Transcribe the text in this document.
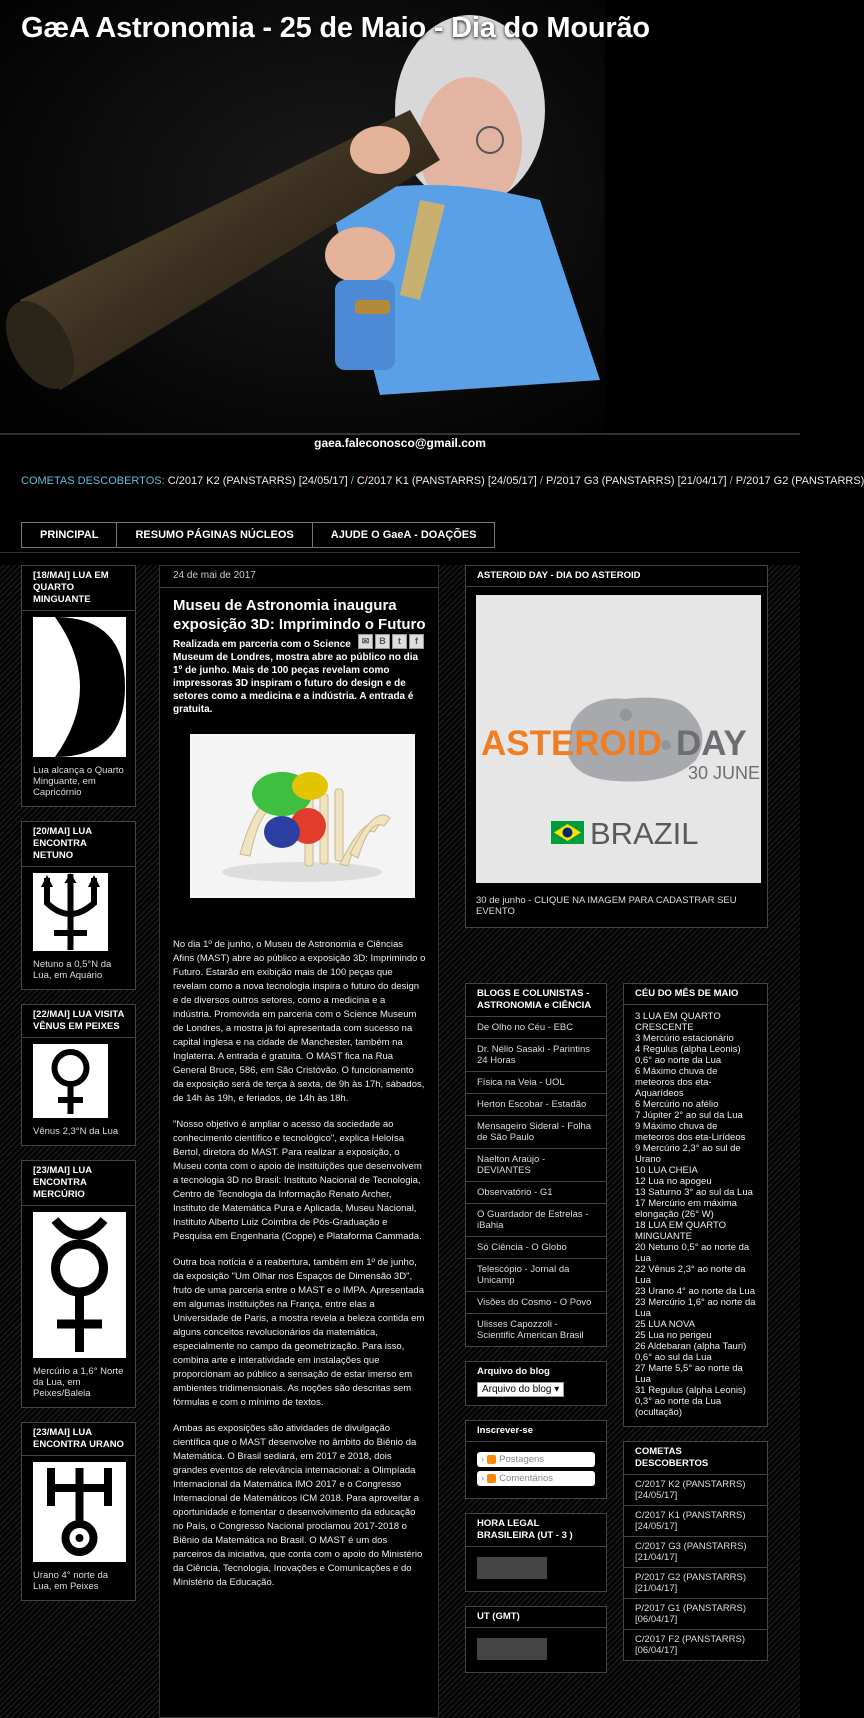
GæA Astronomia - 25 de Maio - Dia do Mourão
gaea.faleconosco@gmail.com
COMETAS DESCOBERTOS: C/2017 K2 (PANSTARRS) [24/05/17] / C/2017 K1 (PANSTARRS) [24/05/17] / P/2017 G3 (PANSTARRS) [21/04/17] / P/2017 G2 (PANSTARRS)
PRINCIPAL	RESUMO PÁGINAS NÚCLEOS	AJUDE O GaeA - DOAÇÕES
[18/MAI] LUA EM QUARTO MINGUANTE
Lua alcança o Quarto Minguante, em Capricórnio
[20/MAI] LUA ENCONTRA NETUNO
Netuno a 0,5°N da Lua, em Aquário
[22/MAI] LUA VISITA VÊNUS EM PEIXES
Vênus 2,3°N da Lua
[23/MAI] LUA ENCONTRA MERCÚRIO
Mercúrio a 1,6° Norte da Lua, em Peixes/Baleia
[23/MAI] LUA ENCONTRA URANO
Urano 4° norte da Lua, em Peixes
24 de mai de 2017
Museu de Astronomia inaugura exposição 3D: Imprimindo o Futuro
✉	B	t	f
Realizada em parceria com o Science Museum de Londres, mostra abre ao público no dia 1º de junho. Mais de 100 peças revelam como impressoras 3D inspiram o futuro do design e de setores como a medicina e a indústria. A entrada é gratuita.
No dia 1º de junho, o Museu de Astronomia e Ciências Afins (MAST) abre ao público a exposição 3D: Imprimindo o Futuro. Estarão em exibição mais de 100 peças que revelam como a nova tecnologia inspira o futuro do design e de diversos outros setores, como a medicina e a indústria. Promovida em parceria com o Science Museum de Londres, a mostra já foi apresentada com sucesso na capital inglesa e na cidade de Manchester, também na Inglaterra. A entrada é gratuita. O MAST fica na Rua General Bruce, 586, em São Cristóvão. O funcionamento da exposição será de terça à sexta, de 9h às 17h, sábados, de 14h às 19h, e feriados, de 14h às 18h.
"Nosso objetivo é ampliar o acesso da sociedade ao conhecimento científico e tecnológico", explica Heloísa Bertol, diretora do MAST. Para realizar a exposição, o Museu conta com o apoio de instituições que desenvolvem a tecnologia 3D no Brasil: Instituto Nacional de Tecnologia, Centro de Tecnologia da Informação Renato Archer, Instituto de Matemática Pura e Aplicada, Museu Nacional, Instituto Alberto Luiz Coimbra de Pós-Graduação e Pesquisa em Engenharia (Coppe) e Plataforma Cammada.
Outra boa notícia é a reabertura, também em 1º de junho, da exposição "Um Olhar nos Espaços de Dimensão 3D", fruto de uma parceria entre o MAST e o IMPA. Apresentada em algumas instituições na França, entre elas a Universidade de Paris, a mostra revela a beleza contida em alguns conceitos revolucionários da matemática, especialmente no campo da geometrização. Para isso, combina arte e interatividade em instalações que proporcionam ao público a sensação de estar imerso em ambientes tridimensionais. As noções são descritas sem fórmulas e com o mínimo de textos.
Ambas as exposições são atividades de divulgação científica que o MAST desenvolve no âmbito do Biênio da Matemática. O Brasil sediará, em 2017 e 2018, dois grandes eventos de relevância internacional: a Olimpíada Internacional da Matemática IMO 2017 e o Congresso Internacional de Matemáticos ICM 2018. Para aproveitar a oportunidade e fomentar o desenvolvimento da educação no País, o Congresso Nacional proclamou 2017-2018 o Biênio da Matemática no Brasil. O MAST é um dos parceiros da iniciativa, que conta com o apoio do Ministério da Ciência, Tecnologia, Inovações e Comunicações e do Ministério da Educação.
ASTEROID DAY - DIA DO ASTEROID
ASTEROID DAY
30 JUNE
BRAZIL
30 de junho - CLIQUE NA IMAGEM PARA CADASTRAR SEU EVENTO
BLOGS E COLUNISTAS - ASTRONOMIA e CIÊNCIA
De Olho no Céu - EBC
Dr. Nélio Sasaki - Parintins 24 Horas
Física na Veia - UOL
Herton Escobar - Estadão
Mensageiro Sideral - Folha de São Paulo
Naelton Araújo - DEVIANTES
Observatório - G1
O Guardador de Estrelas - iBahia
Só Ciência - O Globo
Telescópio - Jornal da Unicamp
Visões do Cosmo - O Povo
Ulisses Capozzoli - Scientific American Brasil
Arquivo do blog
Arquivo do blog ▾
Inscrever-se
› Postagens
› Comentários
HORA LEGAL BRASILEIRA (UT - 3 )
UT (GMT)
CÉU DO MÊS DE MAIO
3 LUA EM QUARTO CRESCENTE
3 Mercúrio estacionário
4 Regulus (alpha Leonis) 0,6° ao norte da Lua
6 Máximo chuva de meteoros dos eta-Aquarídeos
6 Mercúrio no afélio
7 Júpiter 2° ao sul da Lua
9 Máximo chuva de meteoros dos eta-Lirídeos
9 Mercúrio 2,3° ao sul de Urano
10 LUA CHEIA
12 Lua no apogeu
13 Saturno 3° ao sul da Lua
17 Mercúrio em máxima elongação (26° W)
18 LUA EM QUARTO MINGUANTE
20 Netuno 0,5° ao norte da Lua
22 Vênus 2,3° ao norte da Lua
23 Urano 4° ao norte da Lua
23 Mercúrio 1,6° ao norte da Lua
25 LUA NOVA
25 Lua no perigeu
26 Aldebaran (alpha Tauri) 0,6° ao sul da Lua
27 Marte 5,5° ao norte da Lua
31 Regulus (alpha Leonis) 0,3° ao norte da Lua (ocultação)
COMETAS DESCOBERTOS
C/2017 K2 (PANSTARRS) [24/05/17]
C/2017 K1 (PANSTARRS) [24/05/17]
C/2017 G3 (PANSTARRS) [21/04/17]
P/2017 G2 (PANSTARRS) [21/04/17]
P/2017 G1 (PANSTARRS) [06/04/17]
C/2017 F2 (PANSTARRS) [06/04/17]
